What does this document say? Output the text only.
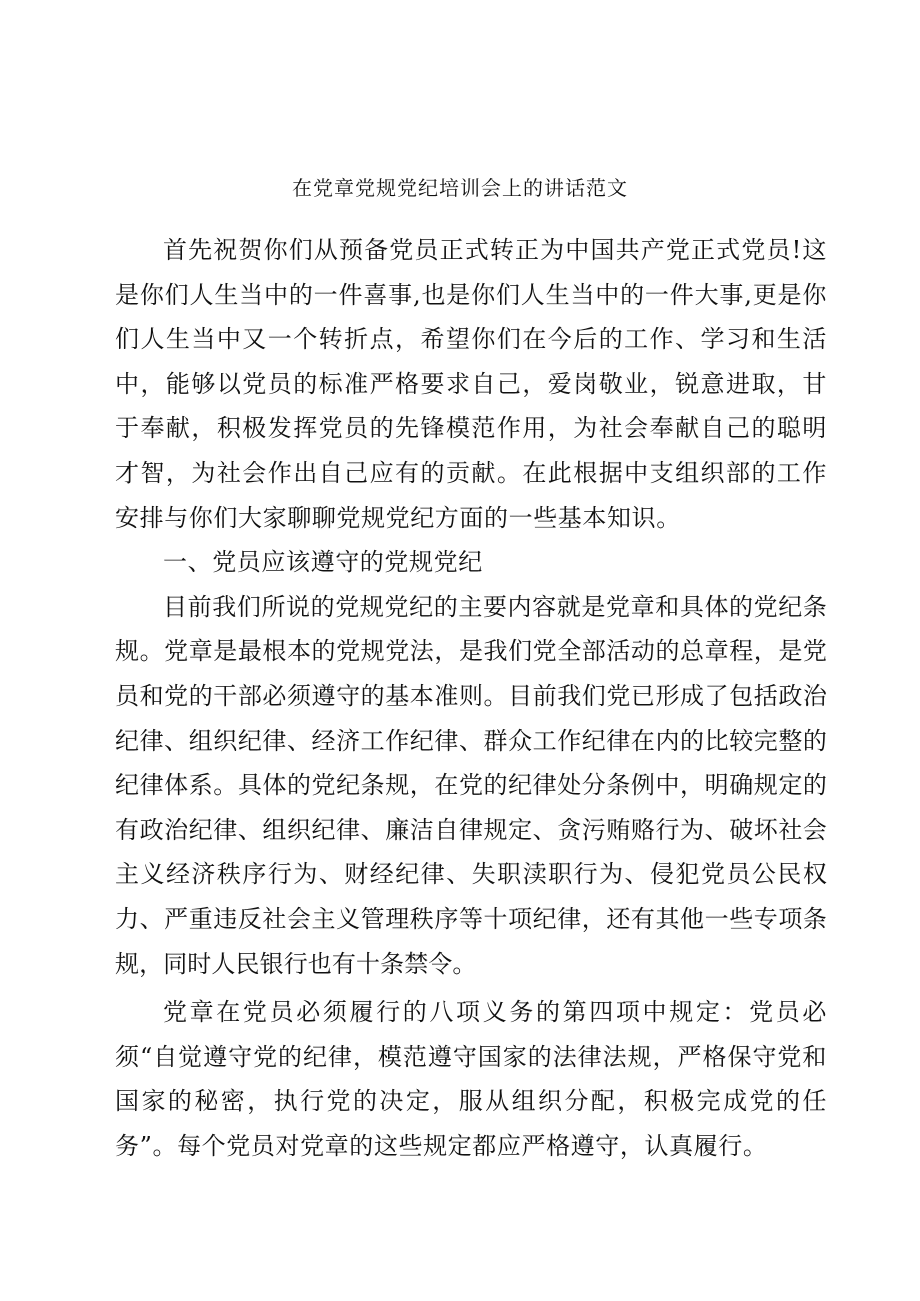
在党章党规党纪培训会上的讲话范文

首先祝贺你们从预备党员正式转正为中国共产党正式党员!这是你们人生当中的一件喜事,也是你们人生当中的一件大事,更是你们人生当中又一个转折点，希望你们在今后的工作、学习和生活中，能够以党员的标准严格要求自己，爱岗敬业，锐意进取，甘于奉献，积极发挥党员的先锋模范作用，为社会奉献自己的聪明才智，为社会作出自己应有的贡献。在此根据中支组织部的工作安排与你们大家聊聊党规党纪方面的一些基本知识。

一、党员应该遵守的党规党纪

目前我们所说的党规党纪的主要内容就是党章和具体的党纪条规。党章是最根本的党规党法，是我们党全部活动的总章程，是党员和党的干部必须遵守的基本准则。目前我们党已形成了包括政治纪律、组织纪律、经济工作纪律、群众工作纪律在内的比较完整的纪律体系。具体的党纪条规，在党的纪律处分条例中，明确规定的有政治纪律、组织纪律、廉洁自律规定、贪污贿赂行为、破坏社会主义经济秩序行为、财经纪律、失职渎职行为、侵犯党员公民权力、严重违反社会主义管理秩序等十项纪律，还有其他一些专项条规，同时人民银行也有十条禁令。

党章在党员必须履行的八项义务的第四项中规定：党员必须“自觉遵守党的纪律，模范遵守国家的法律法规，严格保守党和国家的秘密，执行党的决定，服从组织分配，积极完成党的任务”。每个党员对党章的这些规定都应严格遵守，认真履行。
